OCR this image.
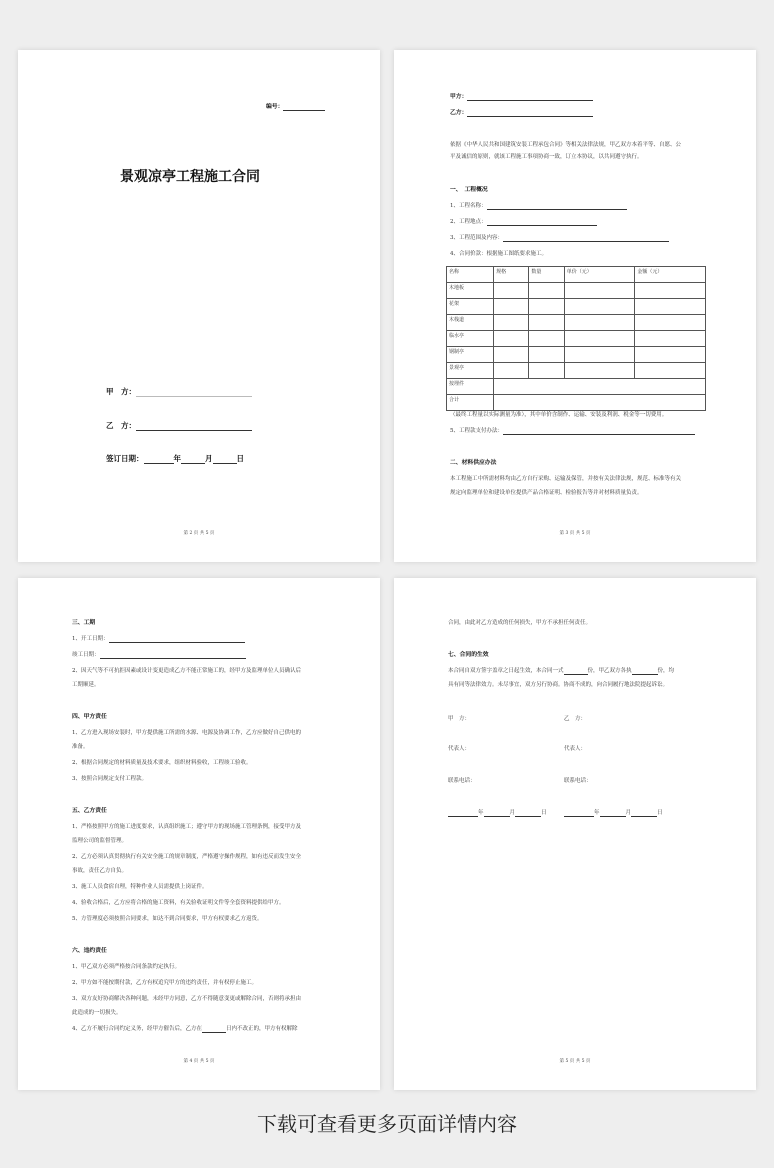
编号：
景观凉亭工程施工合同
甲　方：
乙　方：
签订日期：	年	月	日
第 2 页 共 5 页
甲方：
乙方：
依据《中华人民共和国建筑安装工程承包合同》等相关法律法规，甲乙双方本着平等、自愿、公
平及诚信的原则，就该工程施工事项协商一致，订立本协议，以共同遵守执行。
一、　工程概况
1、工程名称：
2、工程地点：
3、工程范围及内容：
4、合同价款：根据施工图纸要求施工。
名称	规格	数量	单价（元）	金额（元）
木地板				
花架				
木栈道				
临水亭				
钢制亭				
景观亭				
按埋件				
合计				
（最终工程量以实际测量为准），其中单价含制作、运输、安装及利润、税金等一切费用。
5、工程款支付办法：
二、材料供应办法
本工程施工中所需材料均由乙方自行采购、运输及保管，并按有关法律法规，规范、标准等有关
规定向监理单位和建设单位提供产品合格证明、检验报告等并对材料质量负责。
第 3 页 共 5 页
三、工期
1、开工日期：
竣工日期：
2、因天气等不可抗拒因素或设计变更造成乙方不能正常施工的，经甲方及监理单位人员确认后
工期顺延。
四、甲方责任
1、乙方进入现场安装时，甲方提供施工所需的水源、电源及协调工作，乙方应做好自己供电的
准备。
2、根据合同规定的材料质量及技术要求，组织材料验收，工程竣工验收。
3、按照合同规定支付工程款。
五、乙方责任
1、严格按照甲方的施工进度要求，认真组织施工；遵守甲方的现场施工管理条例，接受甲方及
监理公司的监督管理。
2、乙方必须认真贯彻执行有关安全施工的规章制度，严格遵守操作规程，如有违反而发生安全
事故，责任乙方自负。
3、施工人员食宿自理，特种作业人员需提供上岗证件。
4、验收合格后，乙方应将合格的施工资料，有关验收证明文件等全套资料提供给甲方。
5、方管理度必须按照合同要求，如达不到合同要求，甲方有权要求乙方返货。
六、违约责任
1、甲乙双方必须严格按合同条款约定执行。
2、甲方如不能按期付款，乙方有权追究甲方的违约责任，并有权停止施工。
3、双方友好协商解决各种问题，未经甲方同意，乙方不得随意变更或解除合同，否则将承担由
此造成的一切损失。
4、乙方不履行合同约定义务，经甲方催告后，乙方在	日内不改正的，甲方有权解除
第 4 页 共 5 页
合同，由此对乙方造成的任何损失，甲方不承担任何责任。
七、合同的生效
本合同自双方签字盖章之日起生效，本合同一式	份，甲乙双方各执	份，均
具有同等法律效力。未尽事宜，双方另行协商。协商不成的，向合同履行地法院提起诉讼。
甲　方：	乙　方：
代表人：	代表人：
联系电话：	联系电话：
年	月	日	年	月	日
第 5 页 共 5 页
下载可查看更多页面详情内容
